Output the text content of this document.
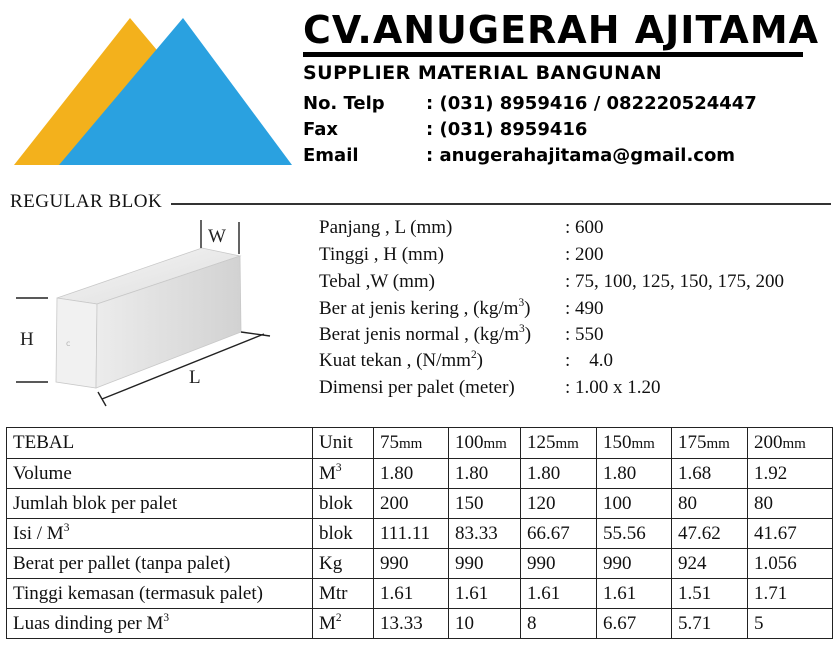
CV.ANUGERAH AJITAMA
SUPPLIER MATERIAL BANGUNAN
No. Telp : (031) 8959416 / 082220524447
Fax	: (031) 8959416
Email	: anugerahajitama@gmail.com
REGULAR BLOK
c
W
H
L
Panjang , L (mm)	: 600
Tinggi , H (mm)	: 200
Tebal ,W (mm)	: 75, 100, 125, 150, 175, 200
Ber at jenis kering , $(kg/m^3)$ : 490
Berat jenis normal , $(kg/m^3)$ : 550
Kuat tekan , $(N/mm^2)$	:    4.0
Dimensi per palet (meter)	: 1.00 x 1.20
TEBAL	Unit	75mm	100mm	125mm	150mm	175mm	200mm
Volume	$M^3$	1.80	1.80	1.80	1.80	1.68	1.92
Jumlah blok per palet	blok	200	150	120	100	80	80
Isi / $M^3$	blok	111.11	83.33	66.67	55.56	47.62	41.67
Berat per pallet (tanpa palet)	Kg	990	990	990	990	924	1.056
Tinggi kemasan (termasuk palet)	Mtr	1.61	1.61	1.61	1.61	1.51	1.71
Luas dinding per $M^3$	$M^2$	13.33	10	8	6.67	5.71	5
